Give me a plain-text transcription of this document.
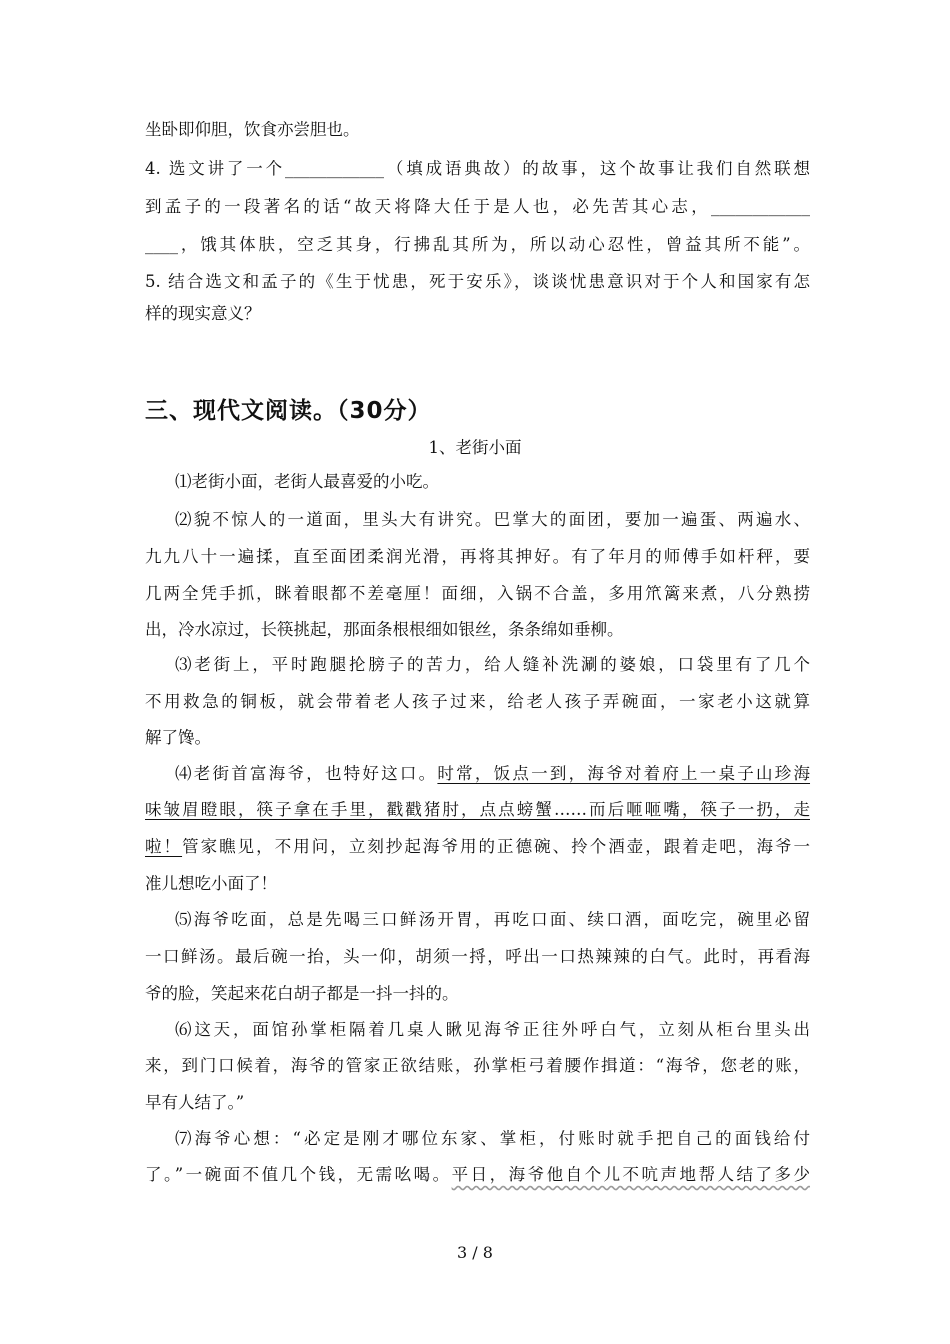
坐卧即仰胆，饮食亦尝胆也。
4. 选文讲了一个____________（填成语典故）的故事，这个故事让我们自然联想
到孟子的一段著名的话“故天将降大任于是人也，必先苦其心志，____________
____，饿其体肤，空乏其身，行拂乱其所为，所以动心忍性，曾益其所不能”。
5. 结合选文和孟子的《生于忧患，死于安乐》，谈谈忧患意识对于个人和国家有怎
样的现实意义？
三、现代文阅读。（30分）
1、老街小面
⑴老街小面，老街人最喜爱的小吃。
⑵貌不惊人的一道面，里头大有讲究。巴掌大的面团，要加一遍蛋、两遍水、
九九八十一遍揉，直至面团柔润光滑，再将其抻好。有了年月的师傅手如杆秤，要
几两全凭手抓，眯着眼都不差毫厘！面细，入锅不合盖，多用笊篱来煮，八分熟捞
出，冷水凉过，长筷挑起，那面条根根细如银丝，条条绵如垂柳。
⑶老街上，平时跑腿抡膀子的苦力，给人缝补洗涮的婆娘，口袋里有了几个
不用救急的铜板，就会带着老人孩子过来，给老人孩子弄碗面，一家老小这就算
解了馋。
⑷老街首富海爷，也特好这口。时常，饭点一到，海爷对着府上一桌子山珍海
味皱眉瞪眼，筷子拿在手里，戳戳猪肘，点点螃蟹……而后咂咂嘴，筷子一扔，走
啦！管家瞧见，不用问，立刻抄起海爷用的正德碗、拎个酒壶，跟着走吧，海爷一
准儿想吃小面了！
⑸海爷吃面，总是先喝三口鲜汤开胃，再吃口面、续口酒，面吃完，碗里必留
一口鲜汤。最后碗一抬，头一仰，胡须一捋，呼出一口热辣辣的白气。此时，再看海
爷的脸，笑起来花白胡子都是一抖一抖的。
⑹这天，面馆孙掌柜隔着几桌人瞅见海爷正往外呼白气，立刻从柜台里头出
来，到门口候着，海爷的管家正欲结账，孙掌柜弓着腰作揖道：“海爷，您老的账，
早有人结了。”
⑺海爷心想：“必定是刚才哪位东家、掌柜，付账时就手把自己的面钱给付
了。”一碗面不值几个钱，无需吆喝。平日，海爷他自个儿不吭声地帮人结了多少
3 / 8
